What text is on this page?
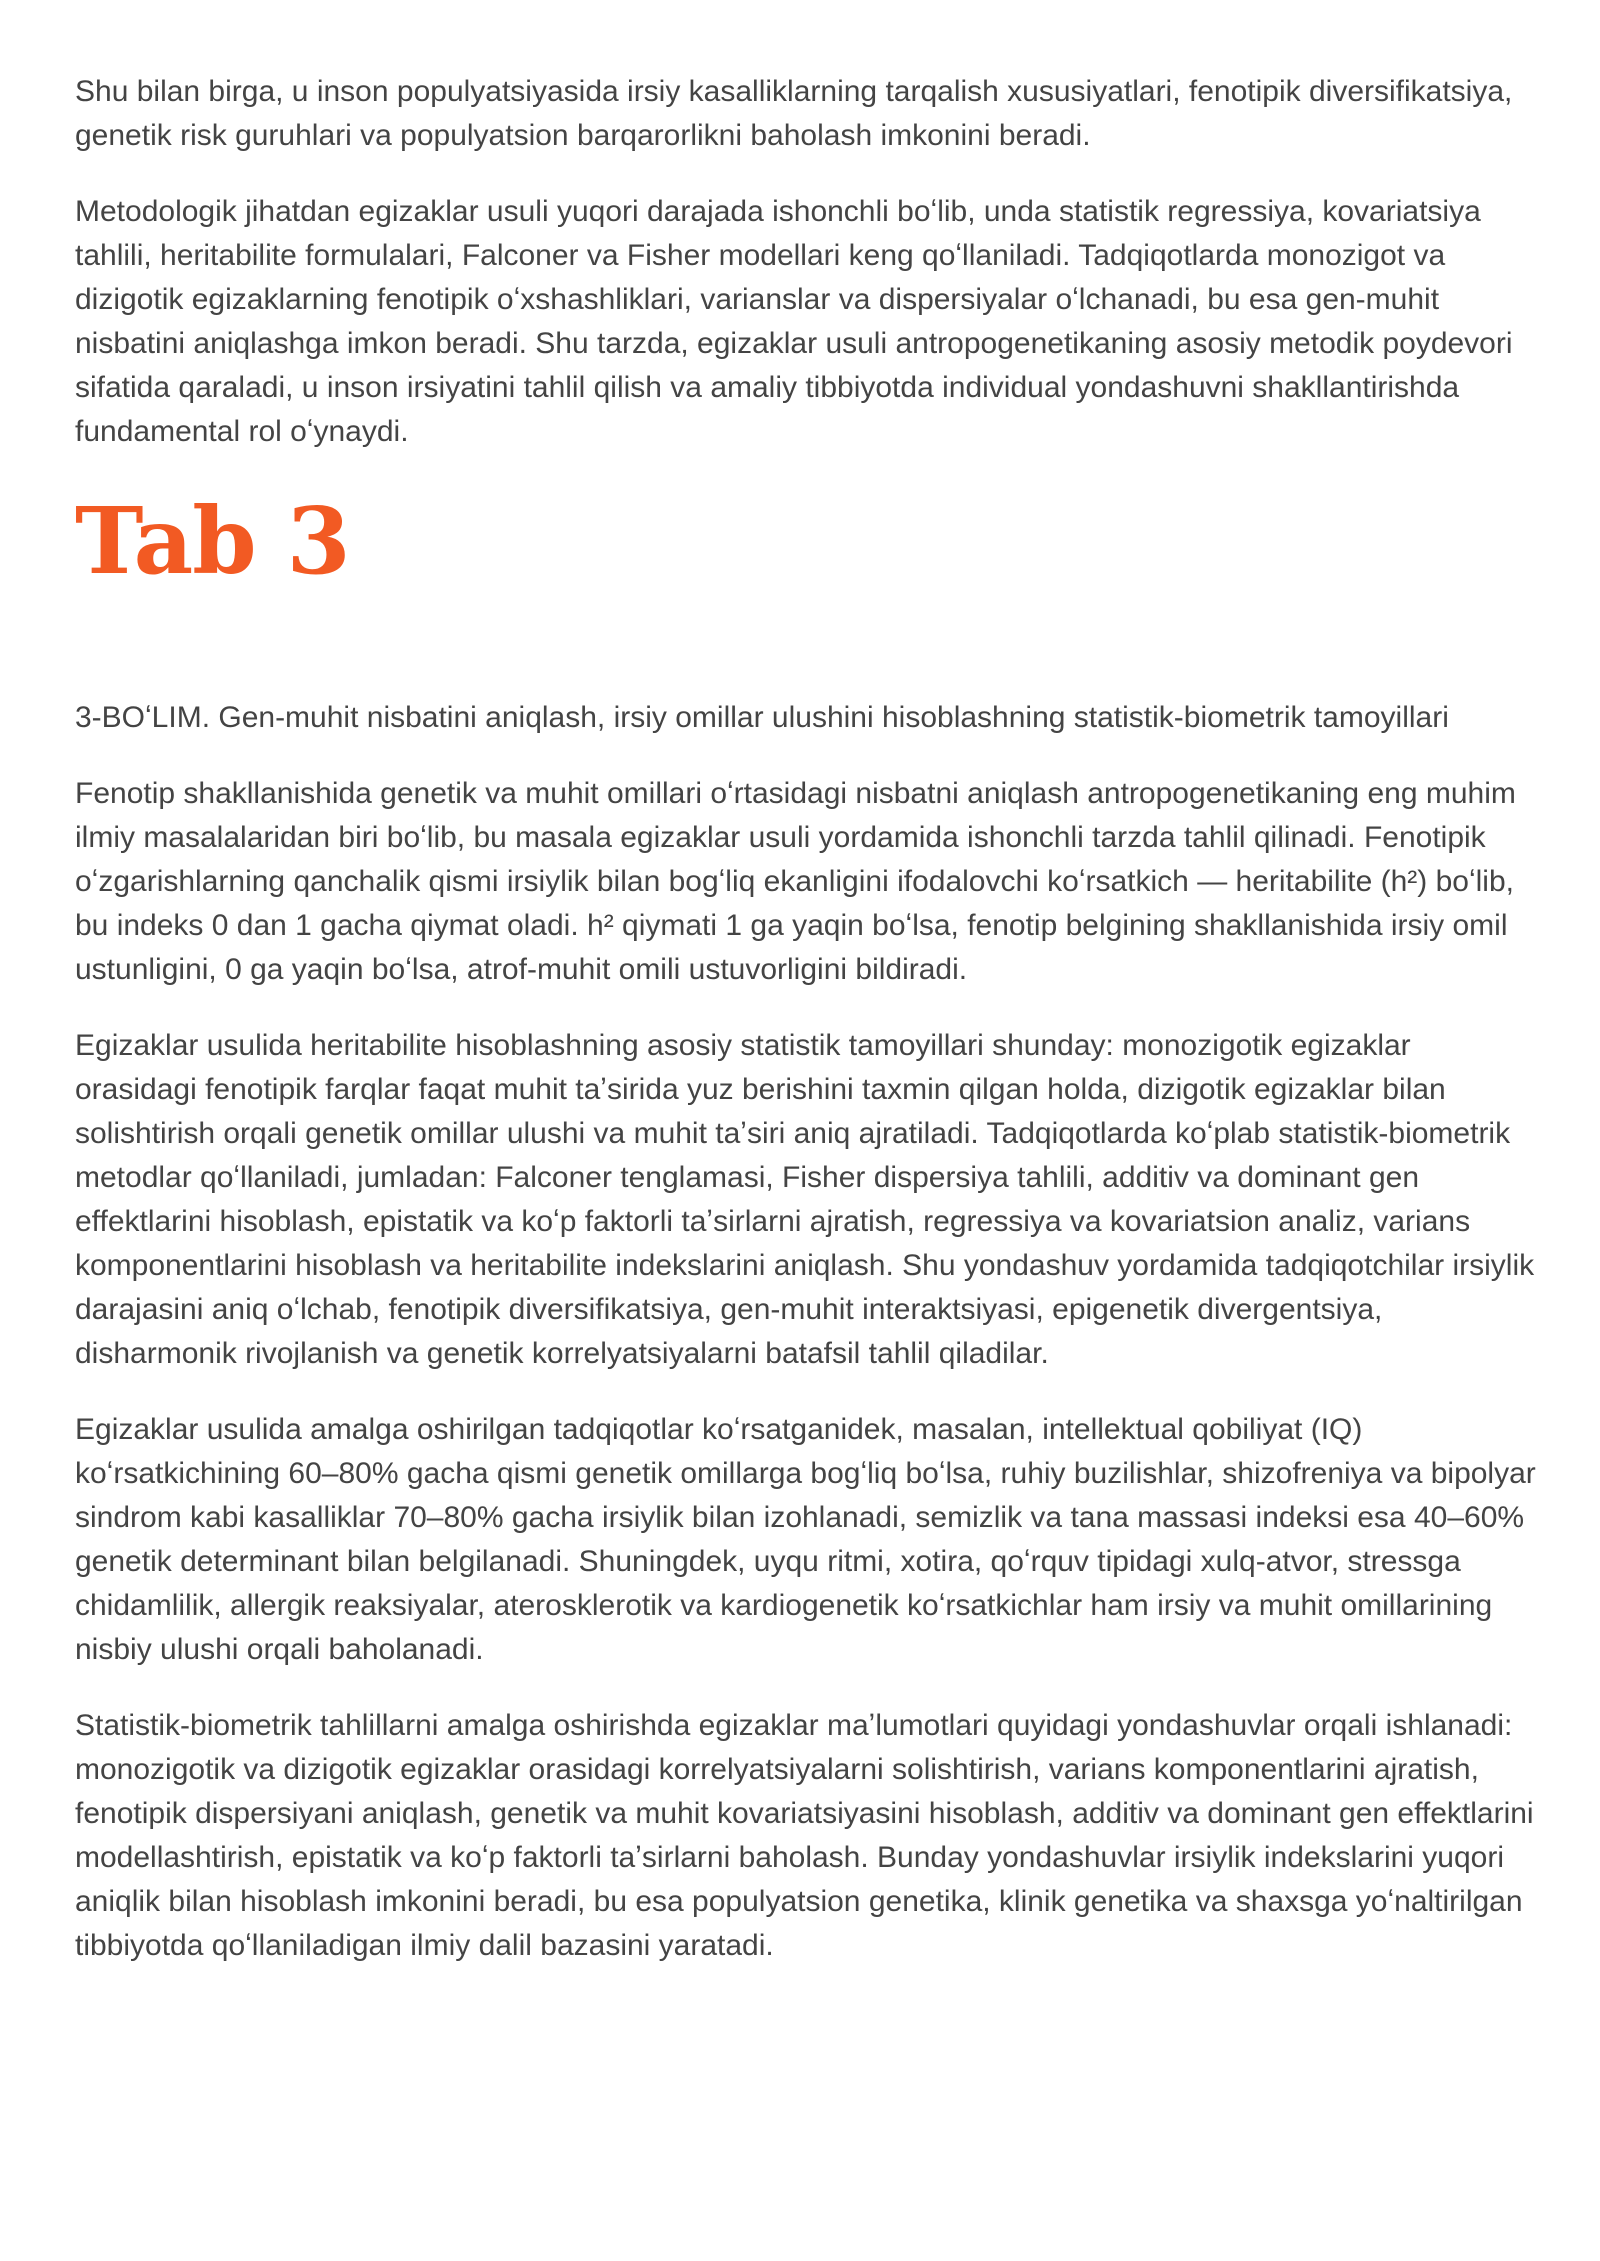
Shu bilan birga, u inson populyatsiyasida irsiy kasalliklarning tarqalish xususiyatlari, fenotipik diversifikatsiya, genetik risk guruhlari va populyatsion barqarorlikni baholash imkonini beradi.

Metodologik jihatdan egizaklar usuli yuqori darajada ishonchli boʻlib, unda statistik regressiya, kovariatsiya tahlili, heritabilite formulalari, Falconer va Fisher modellari keng qoʻllaniladi. Tadqiqotlarda monozigot va dizigotik egizaklarning fenotipik oʻxshashliklari, varianslar va dispersiyalar oʻlchanadi, bu esa gen-muhit nisbatini aniqlashga imkon beradi. Shu tarzda, egizaklar usuli antropogenetikaning asosiy metodik poydevori sifatida qaraladi, u inson irsiyatini tahlil qilish va amaliy tibbiyotda individual yondashuvni shakllantirishda fundamental rol oʻynaydi.

Tab 3

3-BOʻLIM. Gen-muhit nisbatini aniqlash, irsiy omillar ulushini hisoblashning statistik-biometrik tamoyillari

Fenotip shakllanishida genetik va muhit omillari oʻrtasidagi nisbatni aniqlash antropogenetikaning eng muhim ilmiy masalalaridan biri boʻlib, bu masala egizaklar usuli yordamida ishonchli tarzda tahlil qilinadi. Fenotipik oʻzgarishlarning qanchalik qismi irsiylik bilan bogʻliq ekanligini ifodalovchi koʻrsatkich — heritabilite (h²) boʻlib, bu indeks 0 dan 1 gacha qiymat oladi. h² qiymati 1 ga yaqin boʻlsa, fenotip belgining shakllanishida irsiy omil ustunligini, 0 ga yaqin boʻlsa, atrof-muhit omili ustuvorligini bildiradi.

Egizaklar usulida heritabilite hisoblashning asosiy statistik tamoyillari shunday: monozigotik egizaklar orasidagi fenotipik farqlar faqat muhit taʼsirida yuz berishini taxmin qilgan holda, dizigotik egizaklar bilan solishtirish orqali genetik omillar ulushi va muhit taʼsiri aniq ajratiladi. Tadqiqotlarda koʻplab statistik-biometrik metodlar qoʻllaniladi, jumladan: Falconer tenglamasi, Fisher dispersiya tahlili, additiv va dominant gen effektlarini hisoblash, epistatik va koʻp faktorli taʼsirlarni ajratish, regressiya va kovariatsion analiz, varians komponentlarini hisoblash va heritabilite indekslarini aniqlash. Shu yondashuv yordamida tadqiqotchilar irsiylik darajasini aniq oʻlchab, fenotipik diversifikatsiya, gen-muhit interaktsiyasi, epigenetik divergentsiya, disharmonik rivojlanish va genetik korrelyatsiyalarni batafsil tahlil qiladilar.

Egizaklar usulida amalga oshirilgan tadqiqotlar koʻrsatganidek, masalan, intellektual qobiliyat (IQ) koʻrsatkichining 60–80% gacha qismi genetik omillarga bogʻliq boʻlsa, ruhiy buzilishlar, shizofreniya va bipolyar sindrom kabi kasalliklar 70–80% gacha irsiylik bilan izohlanadi, semizlik va tana massasi indeksi esa 40–60% genetik determinant bilan belgilanadi. Shuningdek, uyqu ritmi, xotira, qoʻrquv tipidagi xulq-atvor, stressga chidamlilik, allergik reaksiyalar, aterosklerotik va kardiogenetik koʻrsatkichlar ham irsiy va muhit omillarining nisbiy ulushi orqali baholanadi.

Statistik-biometrik tahlillarni amalga oshirishda egizaklar maʼlumotlari quyidagi yondashuvlar orqali ishlanadi: monozigotik va dizigotik egizaklar orasidagi korrelyatsiyalarni solishtirish, varians komponentlarini ajratish, fenotipik dispersiyani aniqlash, genetik va muhit kovariatsiyasini hisoblash, additiv va dominant gen effektlarini modellashtirish, epistatik va koʻp faktorli taʼsirlarni baholash. Bunday yondashuvlar irsiylik indekslarini yuqori aniqlik bilan hisoblash imkonini beradi, bu esa populyatsion genetika, klinik genetika va shaxsga yoʻnaltirilgan tibbiyotda qoʻllaniladigan ilmiy dalil bazasini yaratadi.
